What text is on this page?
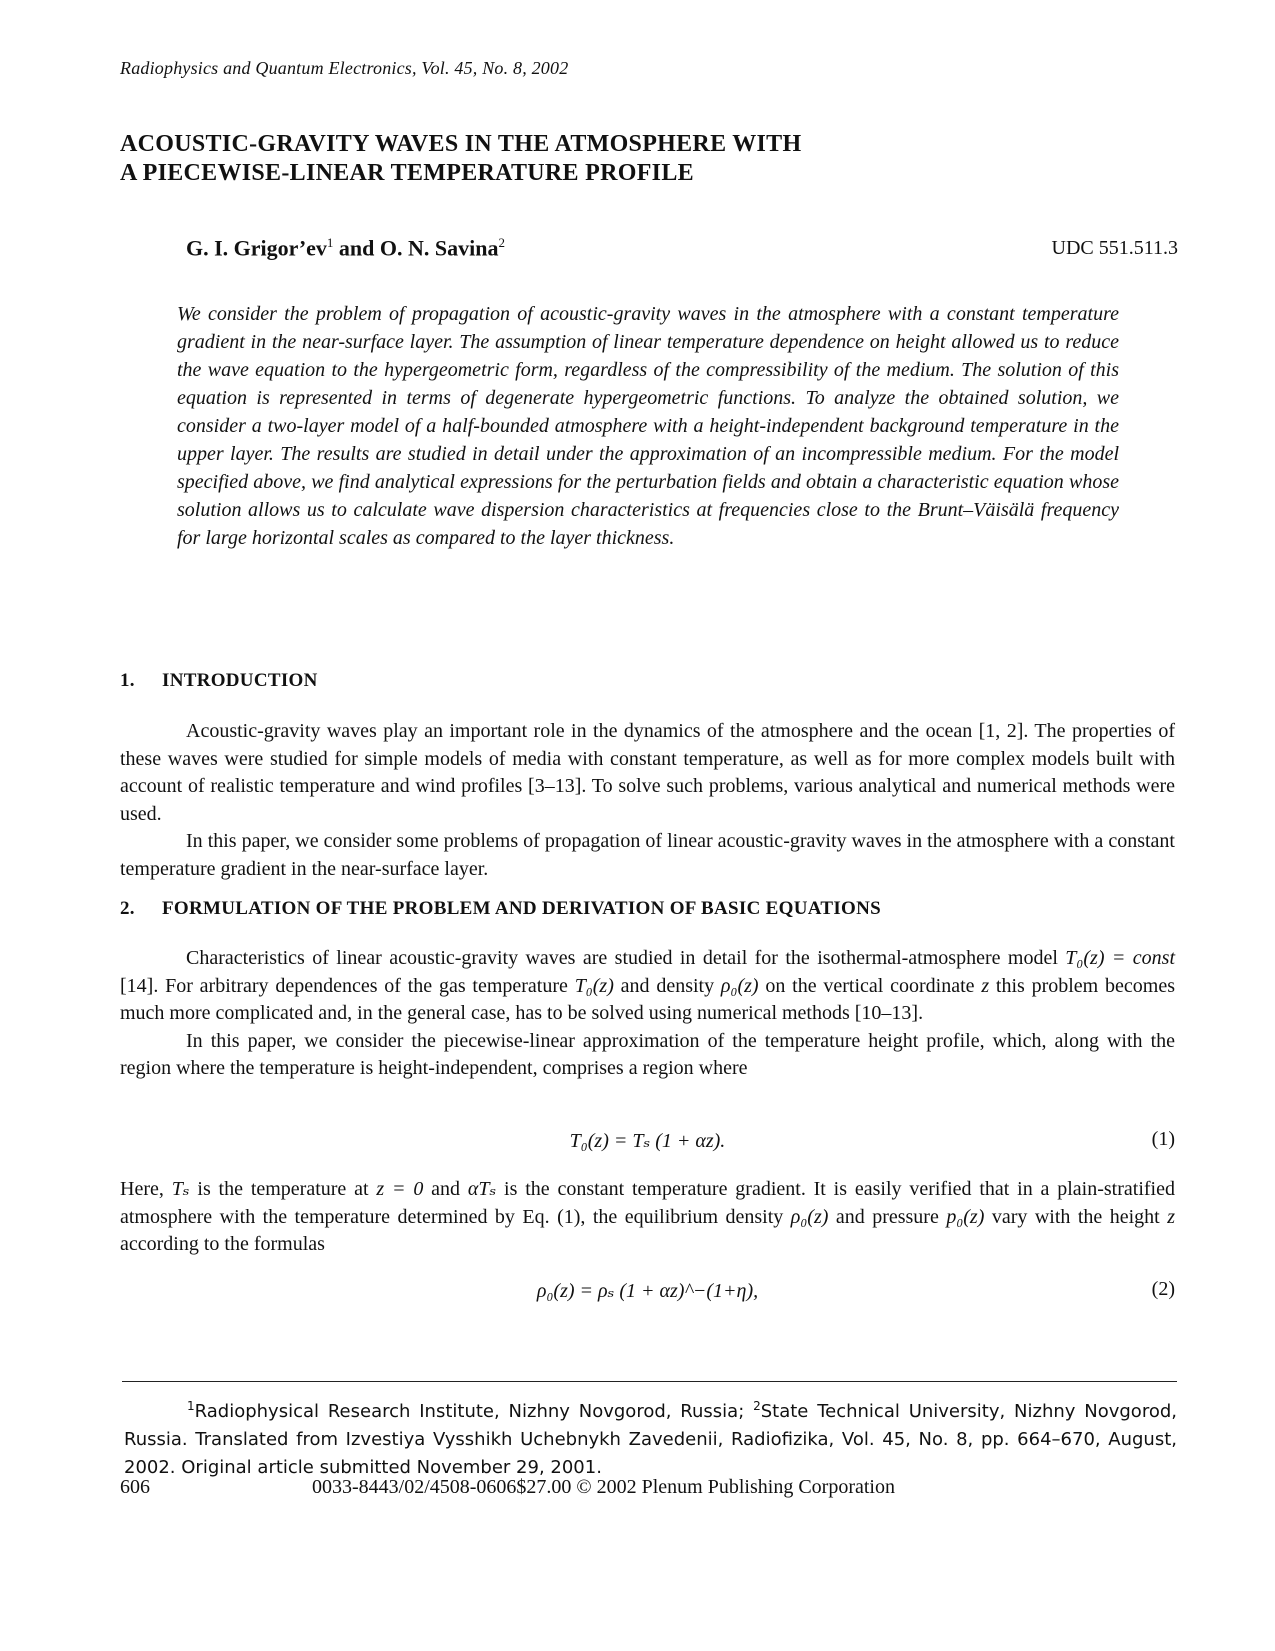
Radiophysics and Quantum Electronics, Vol. 45, No. 8, 2002
ACOUSTIC-GRAVITY WAVES IN THE ATMOSPHERE WITH
A PIECEWISE-LINEAR TEMPERATURE PROFILE
G. I. $Grigor’ev^1$ and O. N. Savina$^2$	UDC 551.511.3

We consider the problem of propagation of acoustic-gravity waves in the atmosphere with a constant temperature gradient in the near-surface layer. The assumption of linear temperature dependence on height allowed us to reduce the wave equation to the hypergeometric form, regardless of the compressibility of the medium. The solution of this equation is represented in terms of degenerate hypergeometric functions. To analyze the obtained solution, we consider a two-layer model of a half-bounded atmosphere with a height-independent background temperature in the upper layer. The results are studied in detail under the approximation of an incompressible medium. For the model specified above, we find analytical expressions for the perturbation fields and obtain a characteristic equation whose solution allows us to calculate wave dispersion characteristics at frequencies close to the Brunt–Väisälä frequency for large horizontal scales as compared to the layer thickness.

1. INTRODUCTION

Acoustic-gravity waves play an important role in the dynamics of the atmosphere and the ocean [1, 2]. The properties of these waves were studied for simple models of media with constant temperature, as well as for more complex models built with account of realistic temperature and wind profiles [3–13]. To solve such problems, various analytical and numerical methods were used.

In this paper, we consider some problems of propagation of linear acoustic-gravity waves in the atmosphere with a constant temperature gradient in the near-surface layer.

2. FORMULATION OF THE PROBLEM AND DERIVATION OF BASIC EQUATIONS

Characteristics of linear acoustic-gravity waves are studied in detail for the isothermal-atmosphere model T₀(z) = const [14]. For arbitrary dependences of the gas temperature T₀(z) and density ρ₀(z) on the vertical coordinate z this problem becomes much more complicated and, in the general case, has to be solved using numerical methods [10–13].

In this paper, we consider the piecewise-linear approximation of the temperature height profile, which, along with the region where the temperature is height-independent, comprises a region where

T₀(z) = Tₛ (1 + αz).	(1)

Here, Tₛ is the temperature at z = 0 and αTₛ is the constant temperature gradient. It is easily verified that in a plain-stratified atmosphere with the temperature determined by Eq. (1), the equilibrium density ρ₀(z) and pressure p₀(z) vary with the height z according to the formulas

ρ₀(z) = ρₛ (1 + αz)^−(1+η),	(2)

$^1$Radiophysical Research Institute, Nizhny Novgorod, Russia; $^2$State Technical University, Nizhny Novgorod, Russia. Translated from Izvestiya Vysshikh Uchebnykh Zavedenii, Radiofizika, Vol. 45, No. 8, pp. 664–670, August, 2002. Original article submitted November 29, 2001.

606	0033-8443/02/4508-0606$27.00 © 2002 Plenum Publishing Corporation
